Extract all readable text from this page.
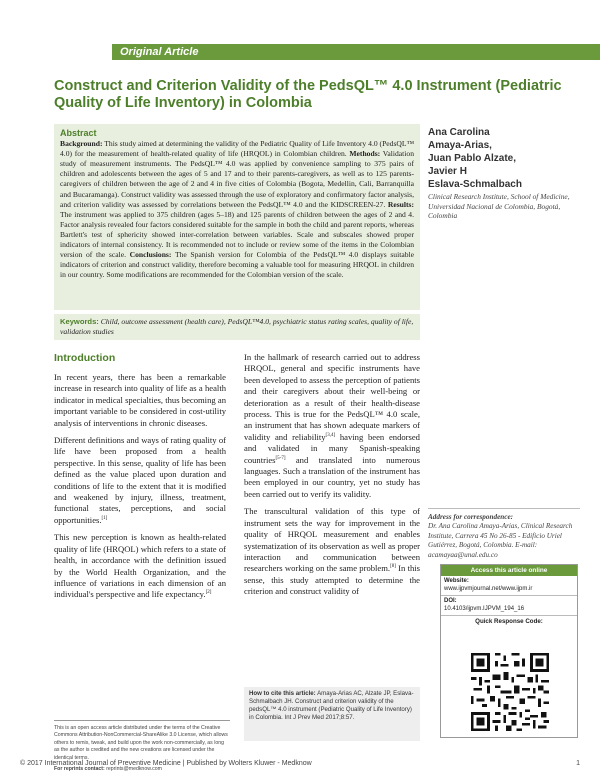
Original Article
Construct and Criterion Validity of the PedsQL™ 4.0 Instrument (Pediatric Quality of Life Inventory) in Colombia
Abstract
Background: This study aimed at determining the validity of the Pediatric Quality of Life Inventory 4.0 (PedsQL™ 4.0) for the measurement of health-related quality of life (HRQOL) in Colombian children. Methods: Validation study of measurement instruments. The PedsQL™ 4.0 was applied by convenience sampling to 375 pairs of children and adolescents between the ages of 5 and 17 and to their parents-caregivers, as well as to 125 parents-caregivers of children between the age of 2 and 4 in five cities of Colombia (Bogota, Medellin, Cali, Barranquilla and Bucaramanga). Construct validity was assessed through the use of exploratory and confirmatory factor analysis, and criterion validity was assessed by correlations between the PedsQL™ 4.0 and the KIDSCREEN-27. Results: The instrument was applied to 375 children (ages 5–18) and 125 parents of children between the ages of 2 and 4. Factor analysis revealed four factors considered suitable for the sample in both the child and parent reports, whereas Bartlett's test of sphericity showed inter-correlation between variables. Scale and subscales showed proper indicators of internal consistency. It is recommended not to include or review some of the items in the Colombian version of the scale. Conclusions: The Spanish version for Colombia of the PedsQL™ 4.0 displays suitable indicators of criterion and construct validity, therefore becoming a valuable tool for measuring HRQOL in children in our country. Some modifications are recommended for the Colombian version of the scale.
Keywords: Child, outcome assessment (health care), PedsQL™4.0, psychiatric status rating scales, quality of life, validation studies
Ana Carolina
Amaya-Arias,
Juan Pablo Alzate,
Javier H
Eslava-Schmalbach
Clinical Research Institute, School of Medicine, Universidad Nacional de Colombia, Bogotá, Colombia
Introduction

In recent years, there has been a remarkable increase in research into quality of life as a health indicator in medical specialties, thus becoming an important variable to be considered in cost-utility analysis of interventions in chronic diseases.

Different definitions and ways of rating quality of life have been proposed from a health perspective. In this sense, quality of life has been defined as the value placed upon duration and conditions of life to the extent that it is modified and weakened by injury, illness, treatment, functional states, perceptions, and social opportunities.[1]

This new perception is known as health-related quality of life (HRQOL) which refers to a state of health, in accordance with the definition issued by the World Health Organization, and the influence of variations in each dimension of an individual's perspective and life expectancy.[2]

In the hallmark of research carried out to address HRQOL, general and specific instruments have been developed to assess the perception of patients and their caregivers about their well-being or deterioration as a result of their health-disease process. This is true for the PedsQL™ 4.0 scale, an instrument that has shown adequate markers of validity and reliability[3,4] having been endorsed and validated in many Spanish-speaking countries[5-7] and translated into numerous languages. Such a translation of the instrument has been employed in our country, yet no study has been carried out to verify its validity.

The transcultural validation of this type of instrument sets the way for improvement in the quality of HRQOL measurement and enables systematization of its observation as well as proper interaction and communication between researchers working on the same problem.[8] In this sense, this study attempted to determine the criterion and construct validity of

This is an open access article distributed under the terms of the Creative Commons Attribution-NonCommercial-ShareAlike 3.0 License, which allows others to remix, tweak, and build upon the work non-commercially, as long as the author is credited and the new creations are licensed under the identical terms.
For reprints contact: reprints@medknow.com
How to cite this article: Amaya-Arias AC, Alzate JP, Eslava-Schmalbach JH. Construct and criterion validity of the pedsQL™ 4.0 instrument (Pediatric Quality of Life Inventory) in Colombia. Int J Prev Med 2017;8:57.
Address for correspondence:
Dr. Ana Carolina Amaya-Arias, Clinical Research Institute, Carrera 45 No 26-85 - Edificio Uriel Gutiérrez, Bogotá, Colombia. E-mail: acamayaa@unal.edu.co
Access this article online
Website:
www.ijpvmjournal.net/www.ijpm.ir
DOI:
10.4103/ijpvm.IJPVM_194_16
Quick Response Code:
© 2017 International Journal of Preventive Medicine | Published by Wolters Kluwer - Medknow	1
